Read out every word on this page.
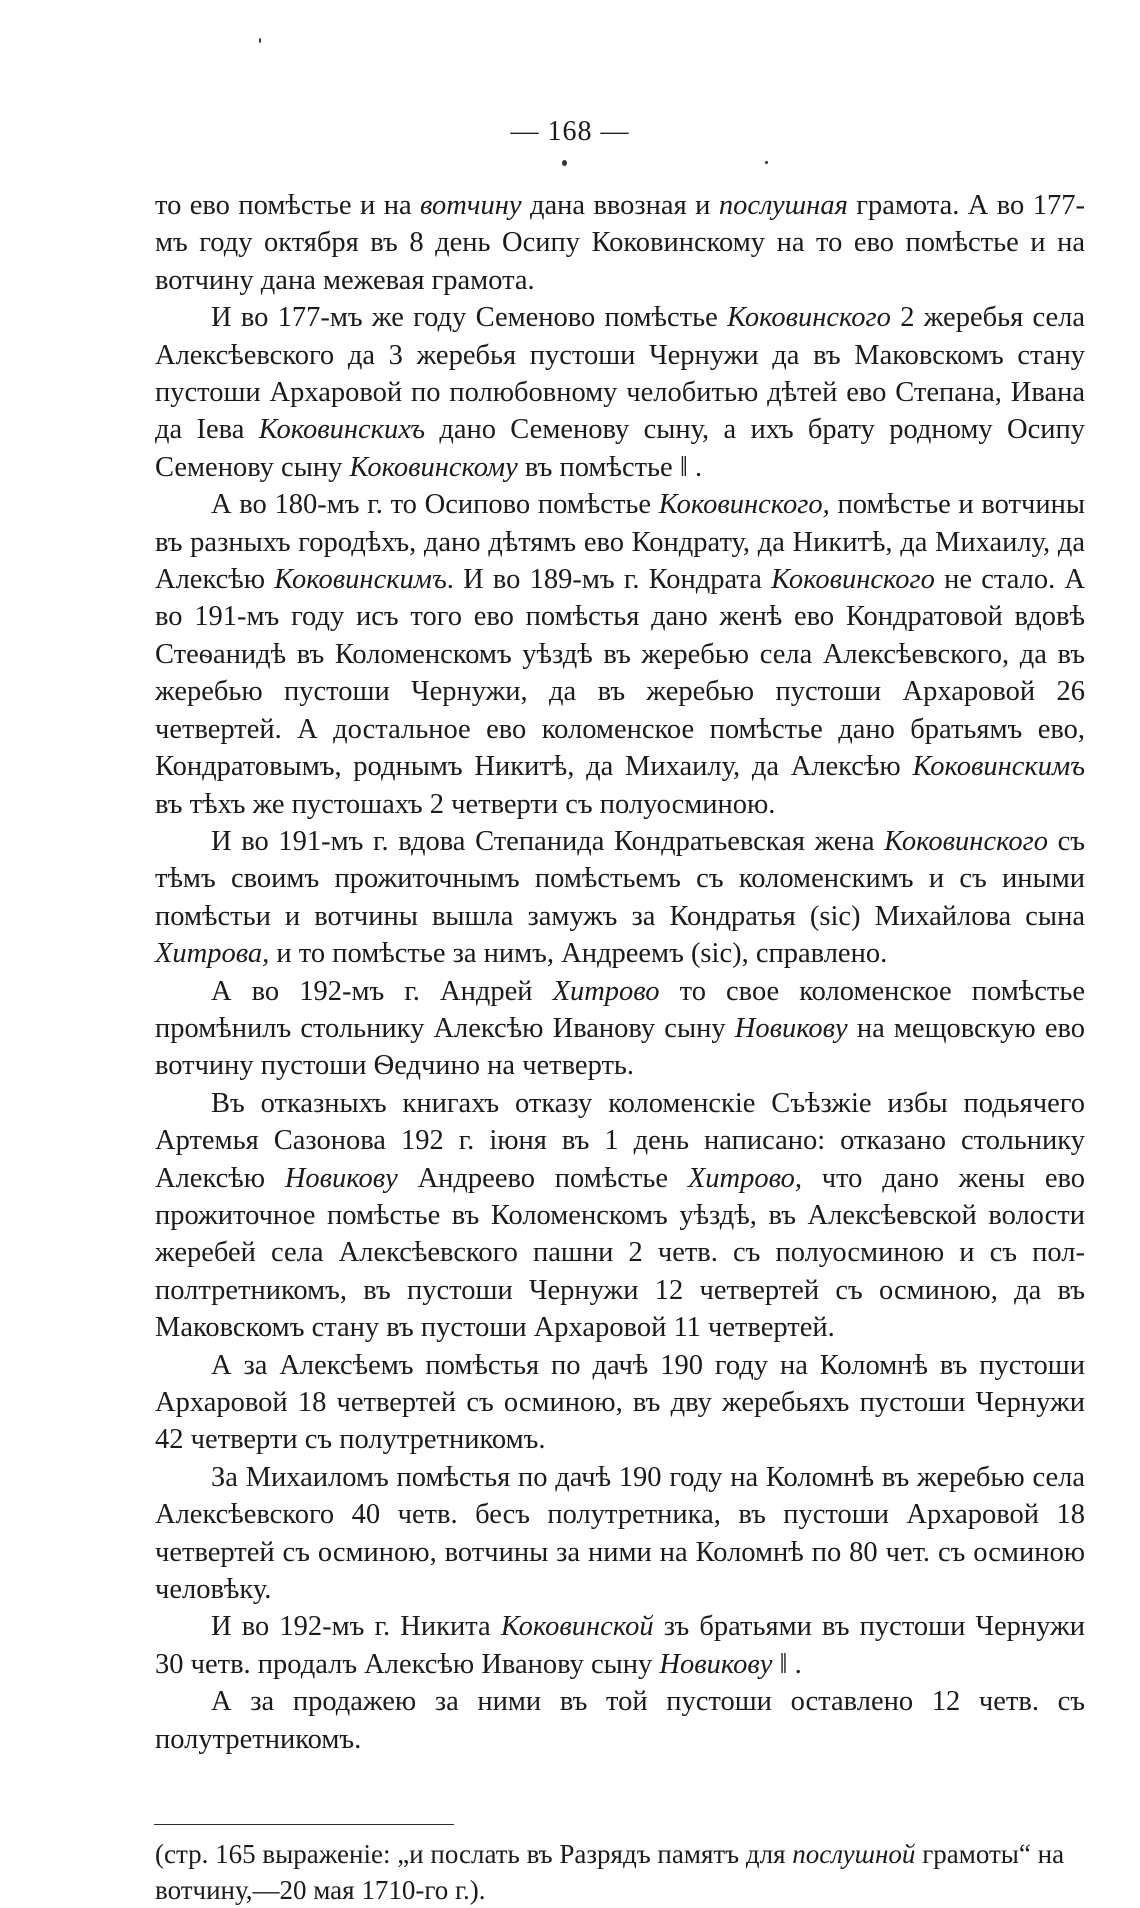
— 168 —

то ево помѣстье и на вотчину дана ввозная и послушная грамота. А во 177-мъ году октября въ 8 день Осипу Коковинскому на то ево помѣстье и на вотчину дана межевая грамота.

И во 177-мъ же году Семеново помѣстье Коковинского 2 жеребья села Алексѣевского да 3 жеребья пустоши Чернужи да въ Маковскомъ стану пустоши Архаровой по полюбовному челобитью дѣтей ево Степана, Ивана да Іева Коковинскихъ дано Семенову сыну, а ихъ брату родному Осипу Семенову сыну Коковинскому въ помѣстье ‖ .

А во 180-мъ г. то Осипово помѣстье Коковинского, помѣстье и вотчины въ разныхъ городѣхъ, дано дѣтямъ ево Кондрату, да Никитѣ, да Михаилу, да Алексѣю Коковинскимъ. И во 189-мъ г. Кондрата Коковинского не стало. А во 191-мъ году исъ того ево помѣстья дано женѣ ево Кондратовой вдовѣ Стеѳанидѣ въ Коломенскомъ уѣздѣ въ жеребью села Алексѣевского, да въ жеребью пустоши Чернужи, да въ жеребью пустоши Архаровой 26 четвертей. А достальное ево коломенское помѣстье дано братьямъ ево, Кондратовымъ, роднымъ Никитѣ, да Михаилу, да Алексѣю Коковинскимъ въ тѣхъ же пустошахъ 2 четверти съ полуосминою.

И во 191-мъ г. вдова Степанида Кондратьевская жена Коковинского съ тѣмъ своимъ прожиточнымъ помѣстьемъ съ коломенскимъ и съ иными помѣстьи и вотчины вышла замужъ за Кондратья (sic) Михайлова сына Хитрова, и то помѣстье за нимъ, Андреемъ (sic), справлено.

А во 192-мъ г. Андрей Хитрово то свое коломенское помѣстье промѣнилъ стольнику Алексѣю Иванову сыну Новикову на мещовскую ево вотчину пустоши Ѳедчино на четверть.

Въ отказныхъ книгахъ отказу коломенскіе Съѣзжіе избы подьячего Артемья Сазонова 192 г. іюня въ 1 день написано: отказано стольнику Алексѣю Новикову Андреево помѣстье Хитрово, что дано жены ево прожиточное помѣстье въ Коломенскомъ уѣздѣ, въ Алексѣевской волости жеребей села Алексѣевского пашни 2 четв. съ полуосминою и съ пол-полтретникомъ, въ пустоши Чернужи 12 четвертей съ осминою, да въ Маковскомъ стану въ пустоши Архаровой 11 четвертей.

А за Алексѣемъ помѣстья по дачѣ 190 году на Коломнѣ въ пустоши Архаровой 18 четвертей съ осминою, въ дву жеребьяхъ пустоши Чернужи 42 четверти съ полутретникомъ.

За Михаиломъ помѣстья по дачѣ 190 году на Коломнѣ въ жеребью села Алексѣевского 40 четв. бесъ полутретника, въ пустоши Архаровой 18 четвертей съ осминою, вотчины за ними на Коломнѣ по 80 чет. съ осминою человѣку.

И во 192-мъ г. Никита Коковинской зъ братьями въ пустоши Чернужи 30 четв. продалъ Алексѣю Иванову сыну Новикову ‖ .

А за продажею за ними въ той пустоши оставлено 12 четв. съ полутретникомъ.

(стр. 165 выраженіе: „и послать въ Разрядъ памятъ для послушной грамоты“ на вотчину,—20 мая 1710-го г.).
